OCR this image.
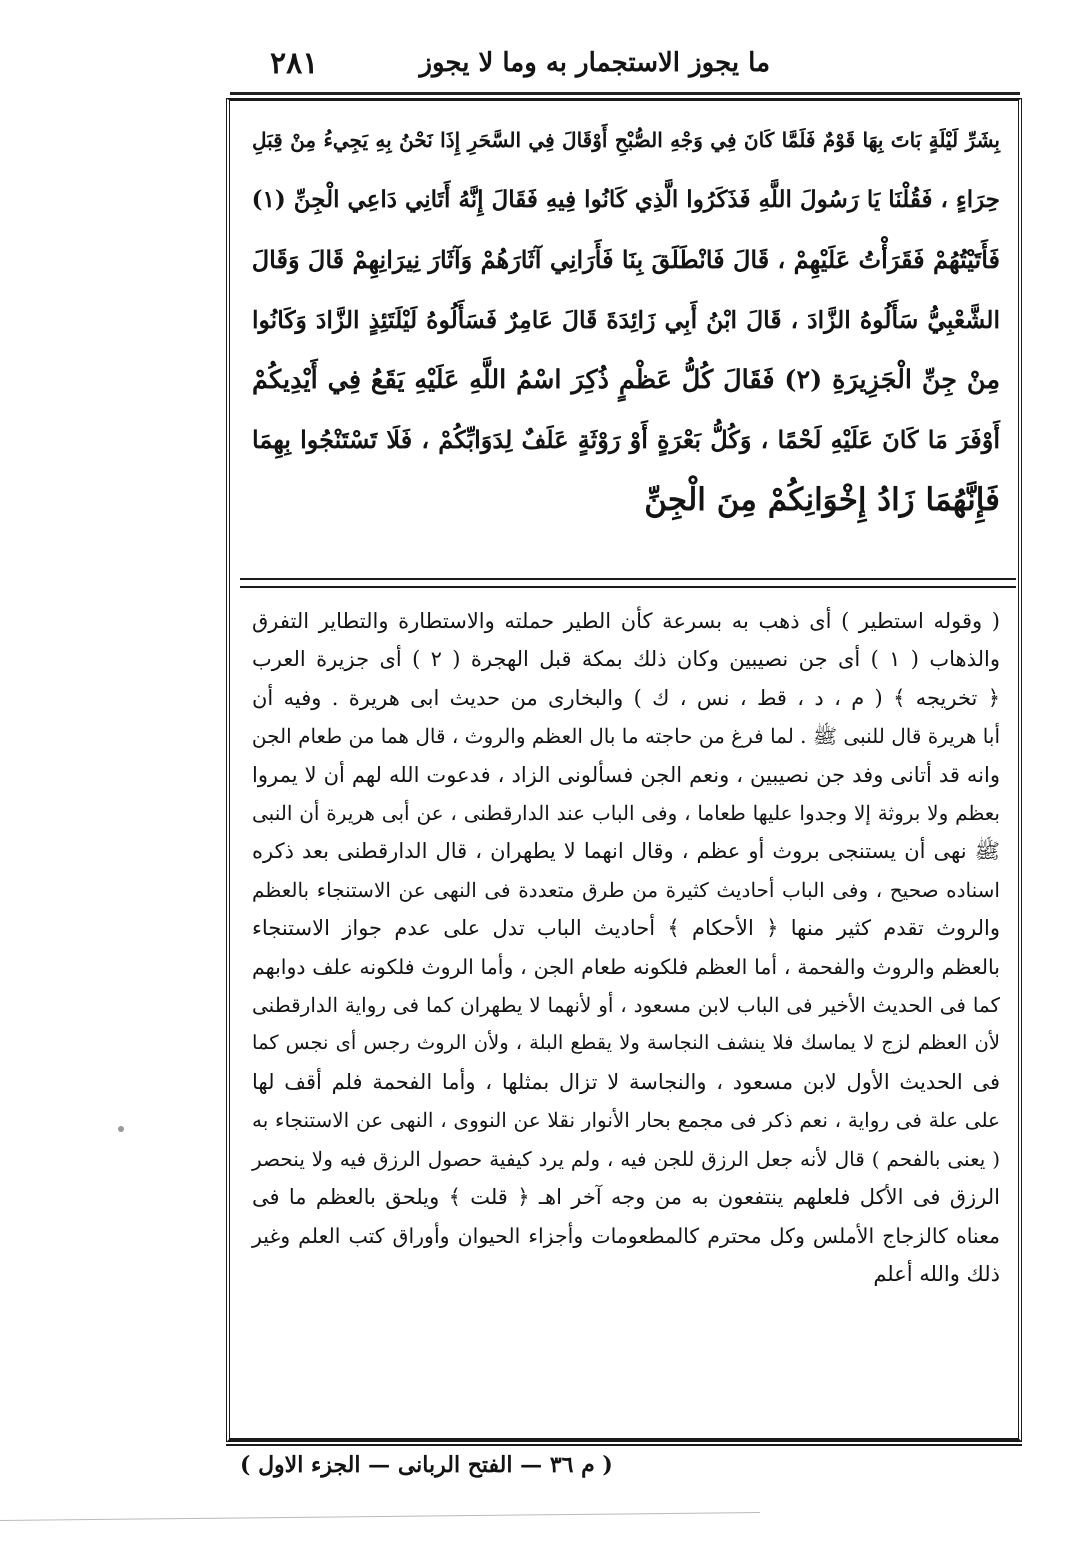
ما يجوز الاستجمار به وما لا يجوز
٢٨١
بِشَرِّ لَيْلَةٍ بَاتَ بِهَا قَوْمٌ فَلَمَّا كَانَ فِي وَجْهِ الصُّبْحِ أَوْقَالَ فِي السَّحَرِ إِذَا نَحْنُ بِهِ يَجِيءُ مِنْ قِبَلِ
حِرَاءٍ ، فَقُلْنَا يَا رَسُولَ اللَّهِ فَذَكَرُوا الَّذِي كَانُوا فِيهِ فَقَالَ إِنَّهُ أَتَانِي دَاعِي الْجِنِّ (١)
فَأَتَيْتُهُمْ فَقَرَأْتُ عَلَيْهِمْ ، قَالَ فَانْطَلَقَ بِنَا فَأَرَانِي آثَارَهُمْ وَآثَارَ نِيرَانِهِمْ قَالَ وَقَالَ
الشَّعْبِيُّ سَأَلُوهُ الزَّادَ ، قَالَ ابْنُ أَبِي زَائِدَةَ قَالَ عَامِرٌ فَسَأَلُوهُ لَيْلَتَئِذٍ الزَّادَ وَكَانُوا
مِنْ جِنِّ الْجَزِيرَةِ (٢) فَقَالَ كُلُّ عَظْمٍ ذُكِرَ اسْمُ اللَّهِ عَلَيْهِ يَقَعُ فِي أَيْدِيكُمْ
أَوْفَرَ مَا كَانَ عَلَيْهِ لَحْمًا ، وَكُلُّ بَعْرَةٍ أَوْ رَوْثَةٍ عَلَفٌ لِدَوَابِّكُمْ ، فَلَا تَسْتَنْجُوا بِهِمَا
فَإِنَّهُمَا زَادُ إِخْوَانِكُمْ مِنَ الْجِنِّ
( وقوله استطير ) أى ذهب به بسرعة كأن الطير حملته والاستطارة والتطاير التفرق
والذهاب ( ١ ) أى جن نصيبين وكان ذلك بمكة قبل الهجرة ( ٢ ) أى جزيرة العرب
﴿ تخريجه ﴾ ( م ، د ، قط ، نس ، ك ) والبخارى من حديث ابى هريرة . وفيه أن
أبا هريرة قال للنبى ﷺ . لما فرغ من حاجته ما بال العظم والروث ، قال هما من طعام الجن
وانه قد أتانى وفد جن نصيبين ، ونعم الجن فسألونى الزاد ، فدعوت الله لهم أن لا يمروا
بعظم ولا بروثة إلا وجدوا عليها طعاما ، وفى الباب عند الدارقطنى ، عن أبى هريرة أن النبى
ﷺ نهى أن يستنجى بروث أو عظم ، وقال انهما لا يطهران ، قال الدارقطنى بعد ذكره
اسناده صحيح ، وفى الباب أحاديث كثيرة من طرق متعددة فى النهى عن الاستنجاء بالعظم
والروث تقدم كثير منها ﴿ الأحكام ﴾ أحاديث الباب تدل على عدم جواز الاستنجاء
بالعظم والروث والفحمة ، أما العظم فلكونه طعام الجن ، وأما الروث فلكونه علف دوابهم
كما فى الحديث الأخير فى الباب لابن مسعود ، أو لأنهما لا يطهران كما فى رواية الدارقطنى
لأن العظم لزج لا يماسك فلا ينشف النجاسة ولا يقطع البلة ، ولأن الروث رجس أى نجس كما
فى الحديث الأول لابن مسعود ، والنجاسة لا تزال بمثلها ، وأما الفحمة فلم أقف لها
على علة فى رواية ، نعم ذكر فى مجمع بحار الأنوار نقلا عن النووى ، النهى عن الاستنجاء به
( يعنى بالفحم ) قال لأنه جعل الرزق للجن فيه ، ولم يرد كيفية حصول الرزق فيه ولا ينحصر
الرزق فى الأكل فلعلهم ينتفعون به من وجه آخر اهـ ﴿ قلت ﴾ ويلحق بالعظم ما فى
معناه كالزجاج الأملس وكل محترم كالمطعومات وأجزاء الحيوان وأوراق كتب العلم وغير
ذلك والله أعلم
( م ٣٦ — الفتح الربانى — الجزء الاول )
